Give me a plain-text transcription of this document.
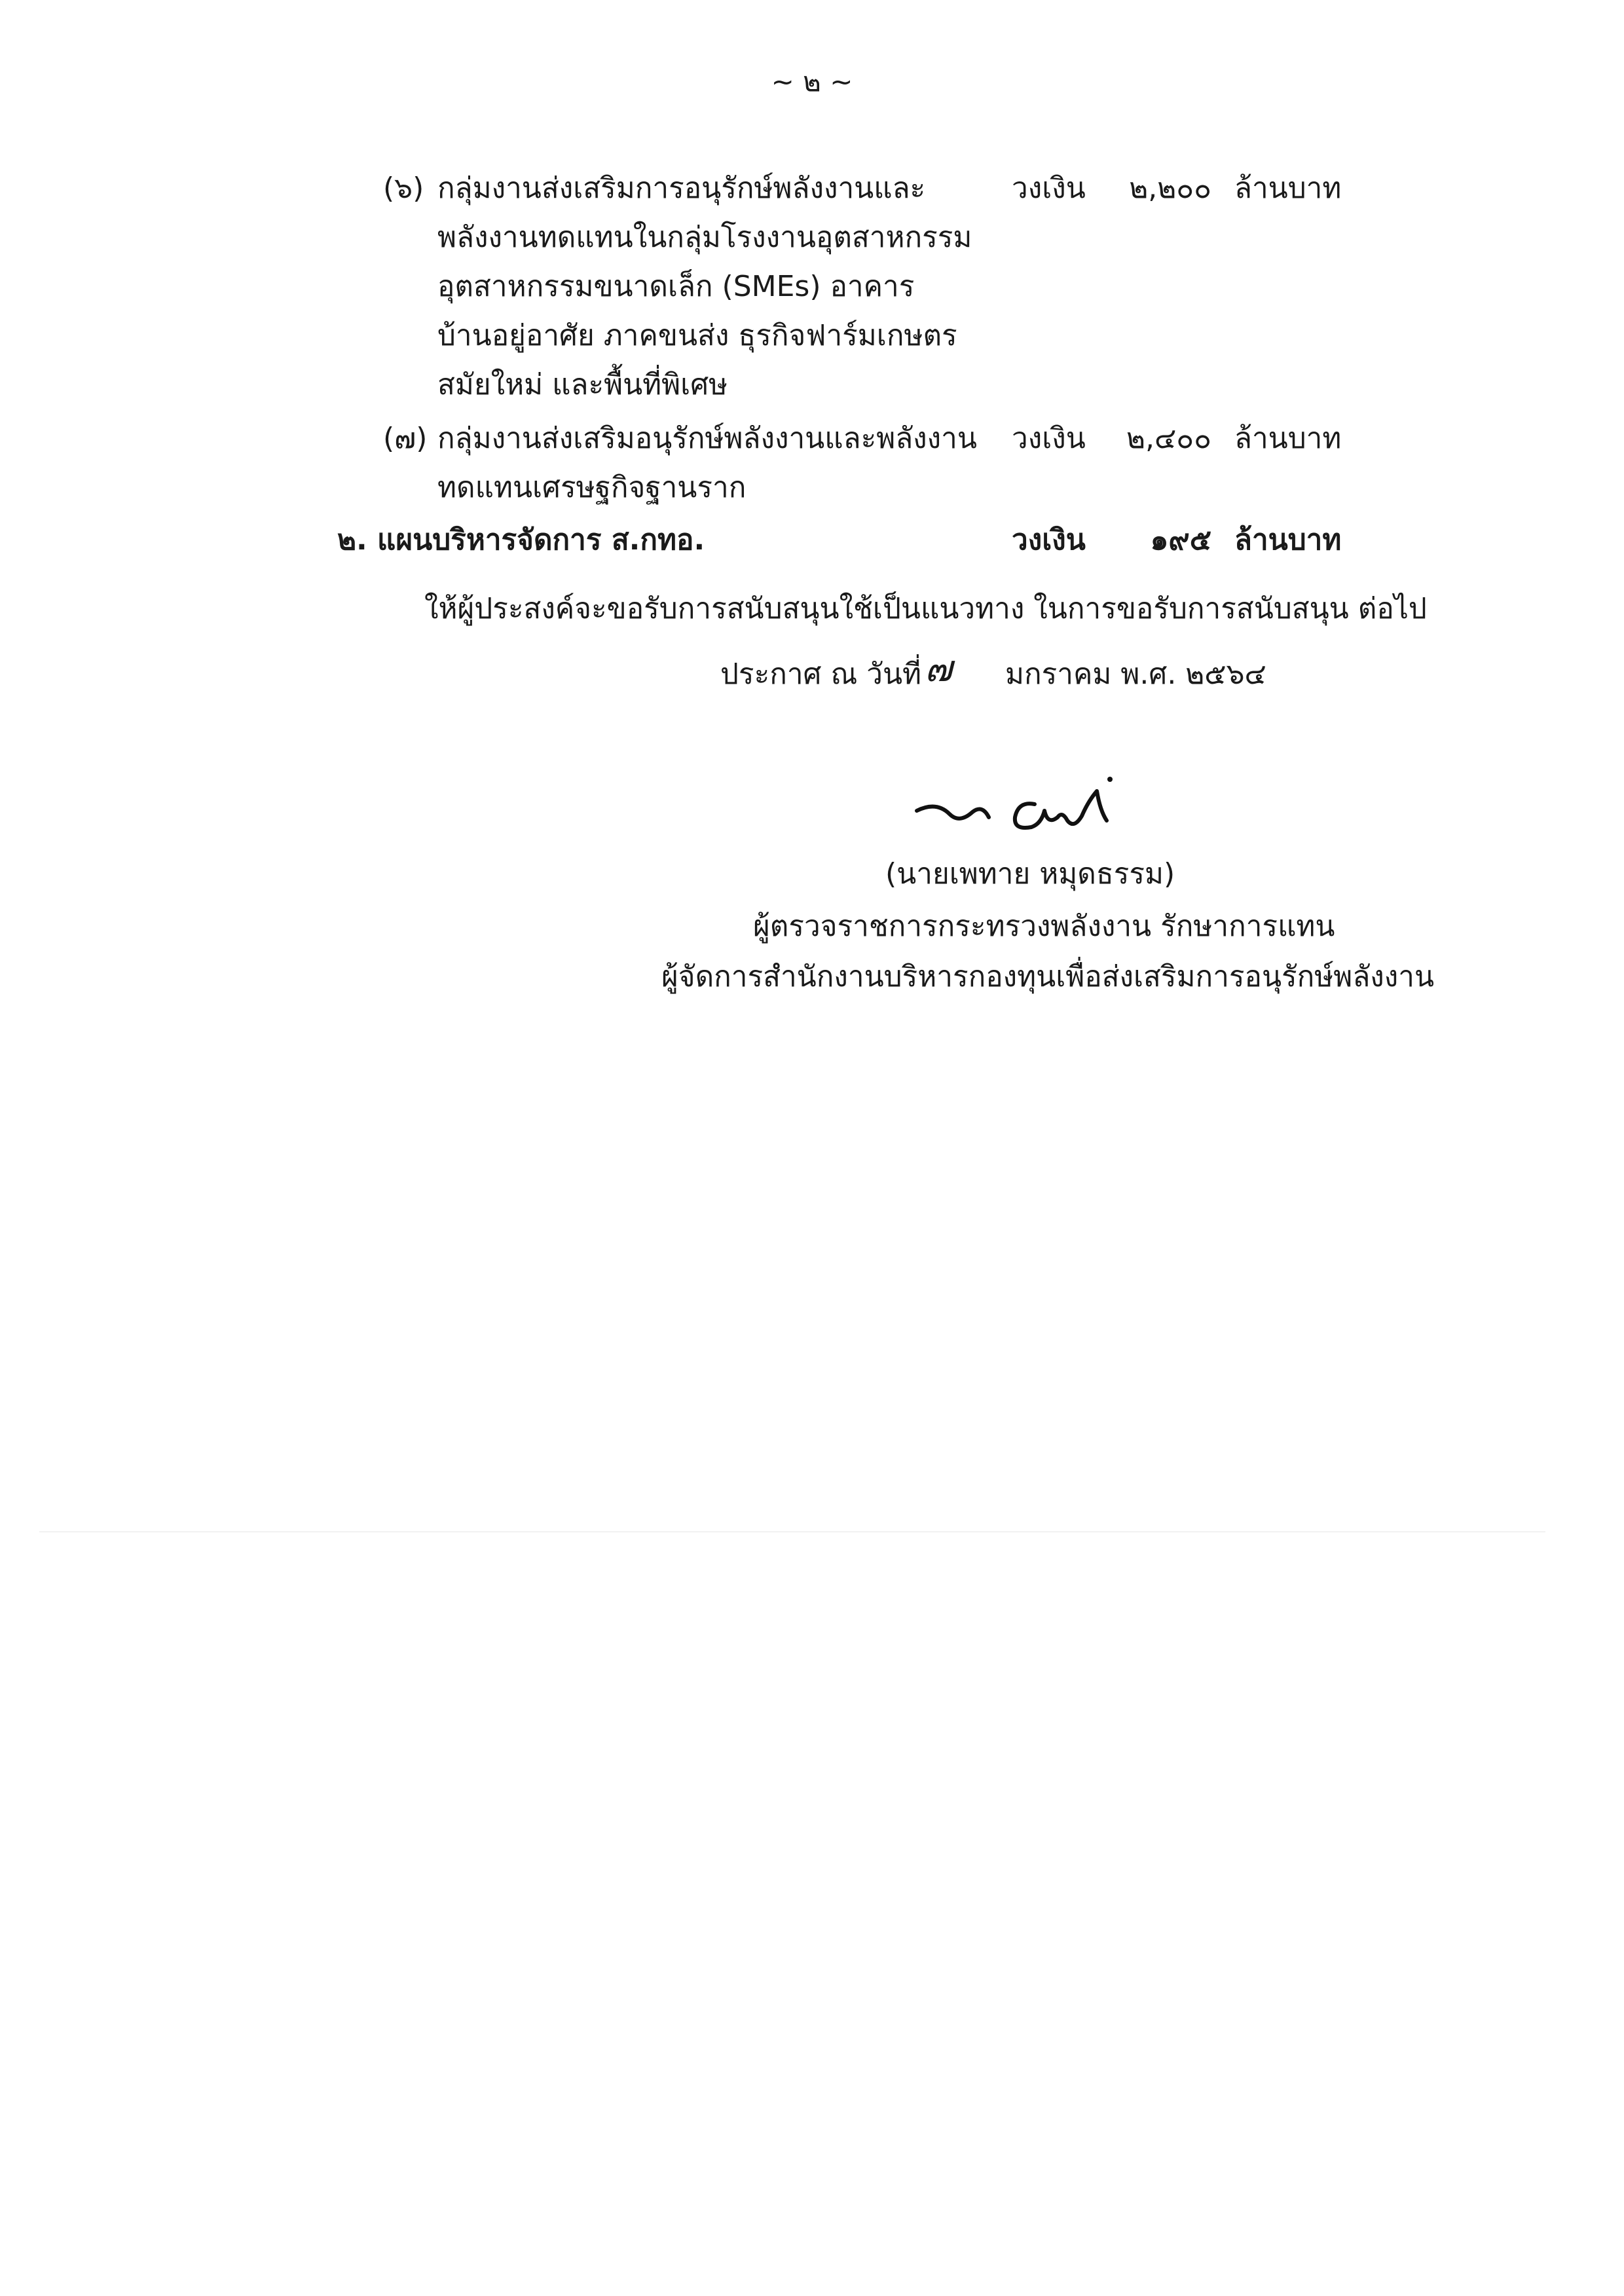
~ ๒ ~
(๖) กลุ่มงานส่งเสริมการอนุรักษ์พลังงานและ
พลังงานทดแทนในกลุ่มโรงงานอุตสาหกรรม
อุตสาหกรรมขนาดเล็ก (SMEs) อาคาร
บ้านอยู่อาศัย ภาคขนส่ง ธุรกิจฟาร์มเกษตร
สมัยใหม่ และพื้นที่พิเศษ
วงเงิน	๒,๒๐๐ ล้านบาท
(๗) กลุ่มงานส่งเสริมอนุรักษ์พลังงานและพลังงาน
ทดแทนเศรษฐกิจฐานราก
วงเงิน	๒,๔๐๐ ล้านบาท
๒. แผนบริหารจัดการ ส.กทอ.	วงเงิน	๑๙๕ ล้านบาท
ให้ผู้ประสงค์จะขอรับการสนับสนุนใช้เป็นแนวทาง ในการขอรับการสนับสนุน ต่อไป
ประกาศ ณ วันที่ ๗ มกราคม พ.ศ. ๒๕๖๔
(นายเพทาย หมุดธรรม)
ผู้ตรวจราชการกระทรวงพลังงาน รักษาการแทน
ผู้จัดการสำนักงานบริหารกองทุนเพื่อส่งเสริมการอนุรักษ์พลังงาน
